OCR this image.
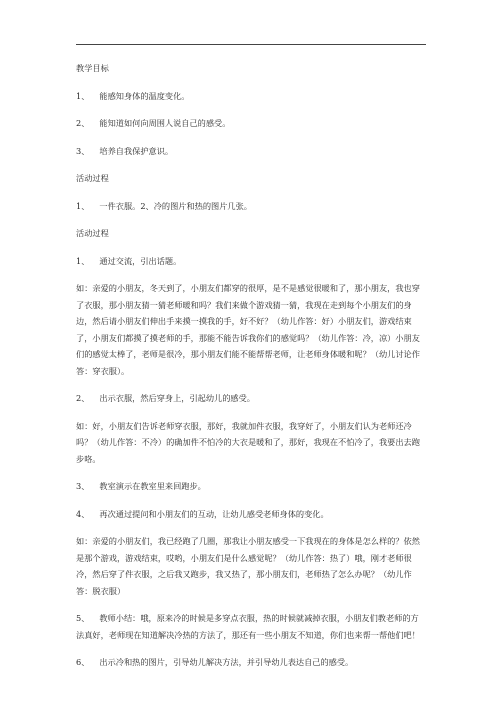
教学目标

1、 能感知身体的温度变化。

2、 能知道如何向周围人说自己的感受。

3、 培养自我保护意识。

活动过程

1、 一件衣服。2、冷的图片和热的图片几张。

活动过程

1、 通过交流，引出话题。

如：亲爱的小朋友，冬天到了，小朋友们都穿的很厚，是不是感觉很暖和了，那小朋友，我也穿了衣服，那小朋友猜一猜老师暖和吗？我们来做个游戏猜一猜，我现在走到每个小朋友们的身边，然后请小朋友们伸出手来摸一摸我的手，好不好？（幼儿作答：好）小朋友们，游戏结束了，小朋友们都摸了摸老师的手，那能不能告诉我你们的感觉吗？（幼儿作答：冷，凉）小朋友们的感觉太棒了，老师是很冷，那小朋友们能不能帮帮老师，让老师身体暖和呢？（幼儿讨论作答：穿衣服）。

2、 出示衣服，然后穿身上，引起幼儿的感受。

如：好，小朋友们告诉老师穿衣服，那好，我就加件衣服，我穿好了，小朋友们认为老师还冷吗？（幼儿作答：不冷）的确加件不怕冷的大衣是暖和了，那好，我现在不怕冷了，我要出去跑步咯。

3、 教室演示在教室里来回跑步。

4、 再次通过提问和小朋友们的互动，让幼儿感受老师身体的变化。

如：亲爱的小朋友们，我已经跑了几圈，那我让小朋友感受一下我现在的身体是怎么样的？依然是那个游戏，游戏结束，哎哟，小朋友们是什么感觉呢？（幼儿作答：热了）哦，刚才老师很冷，然后穿了件衣服，之后我又跑步，我又热了，那小朋友们，老师热了怎么办呢？（幼儿作答：脱衣服）

5、 教师小结：哦，原来冷的时候是多穿点衣服，热的时候就减掉衣服，小朋友们教老师的方法真好，老师现在知道解决冷热的方法了，那还有一些小朋友不知道，你们也来帮一帮他们吧！

6、 出示冷和热的图片，引导幼儿解决方法，并引导幼儿表达自己的感受。
